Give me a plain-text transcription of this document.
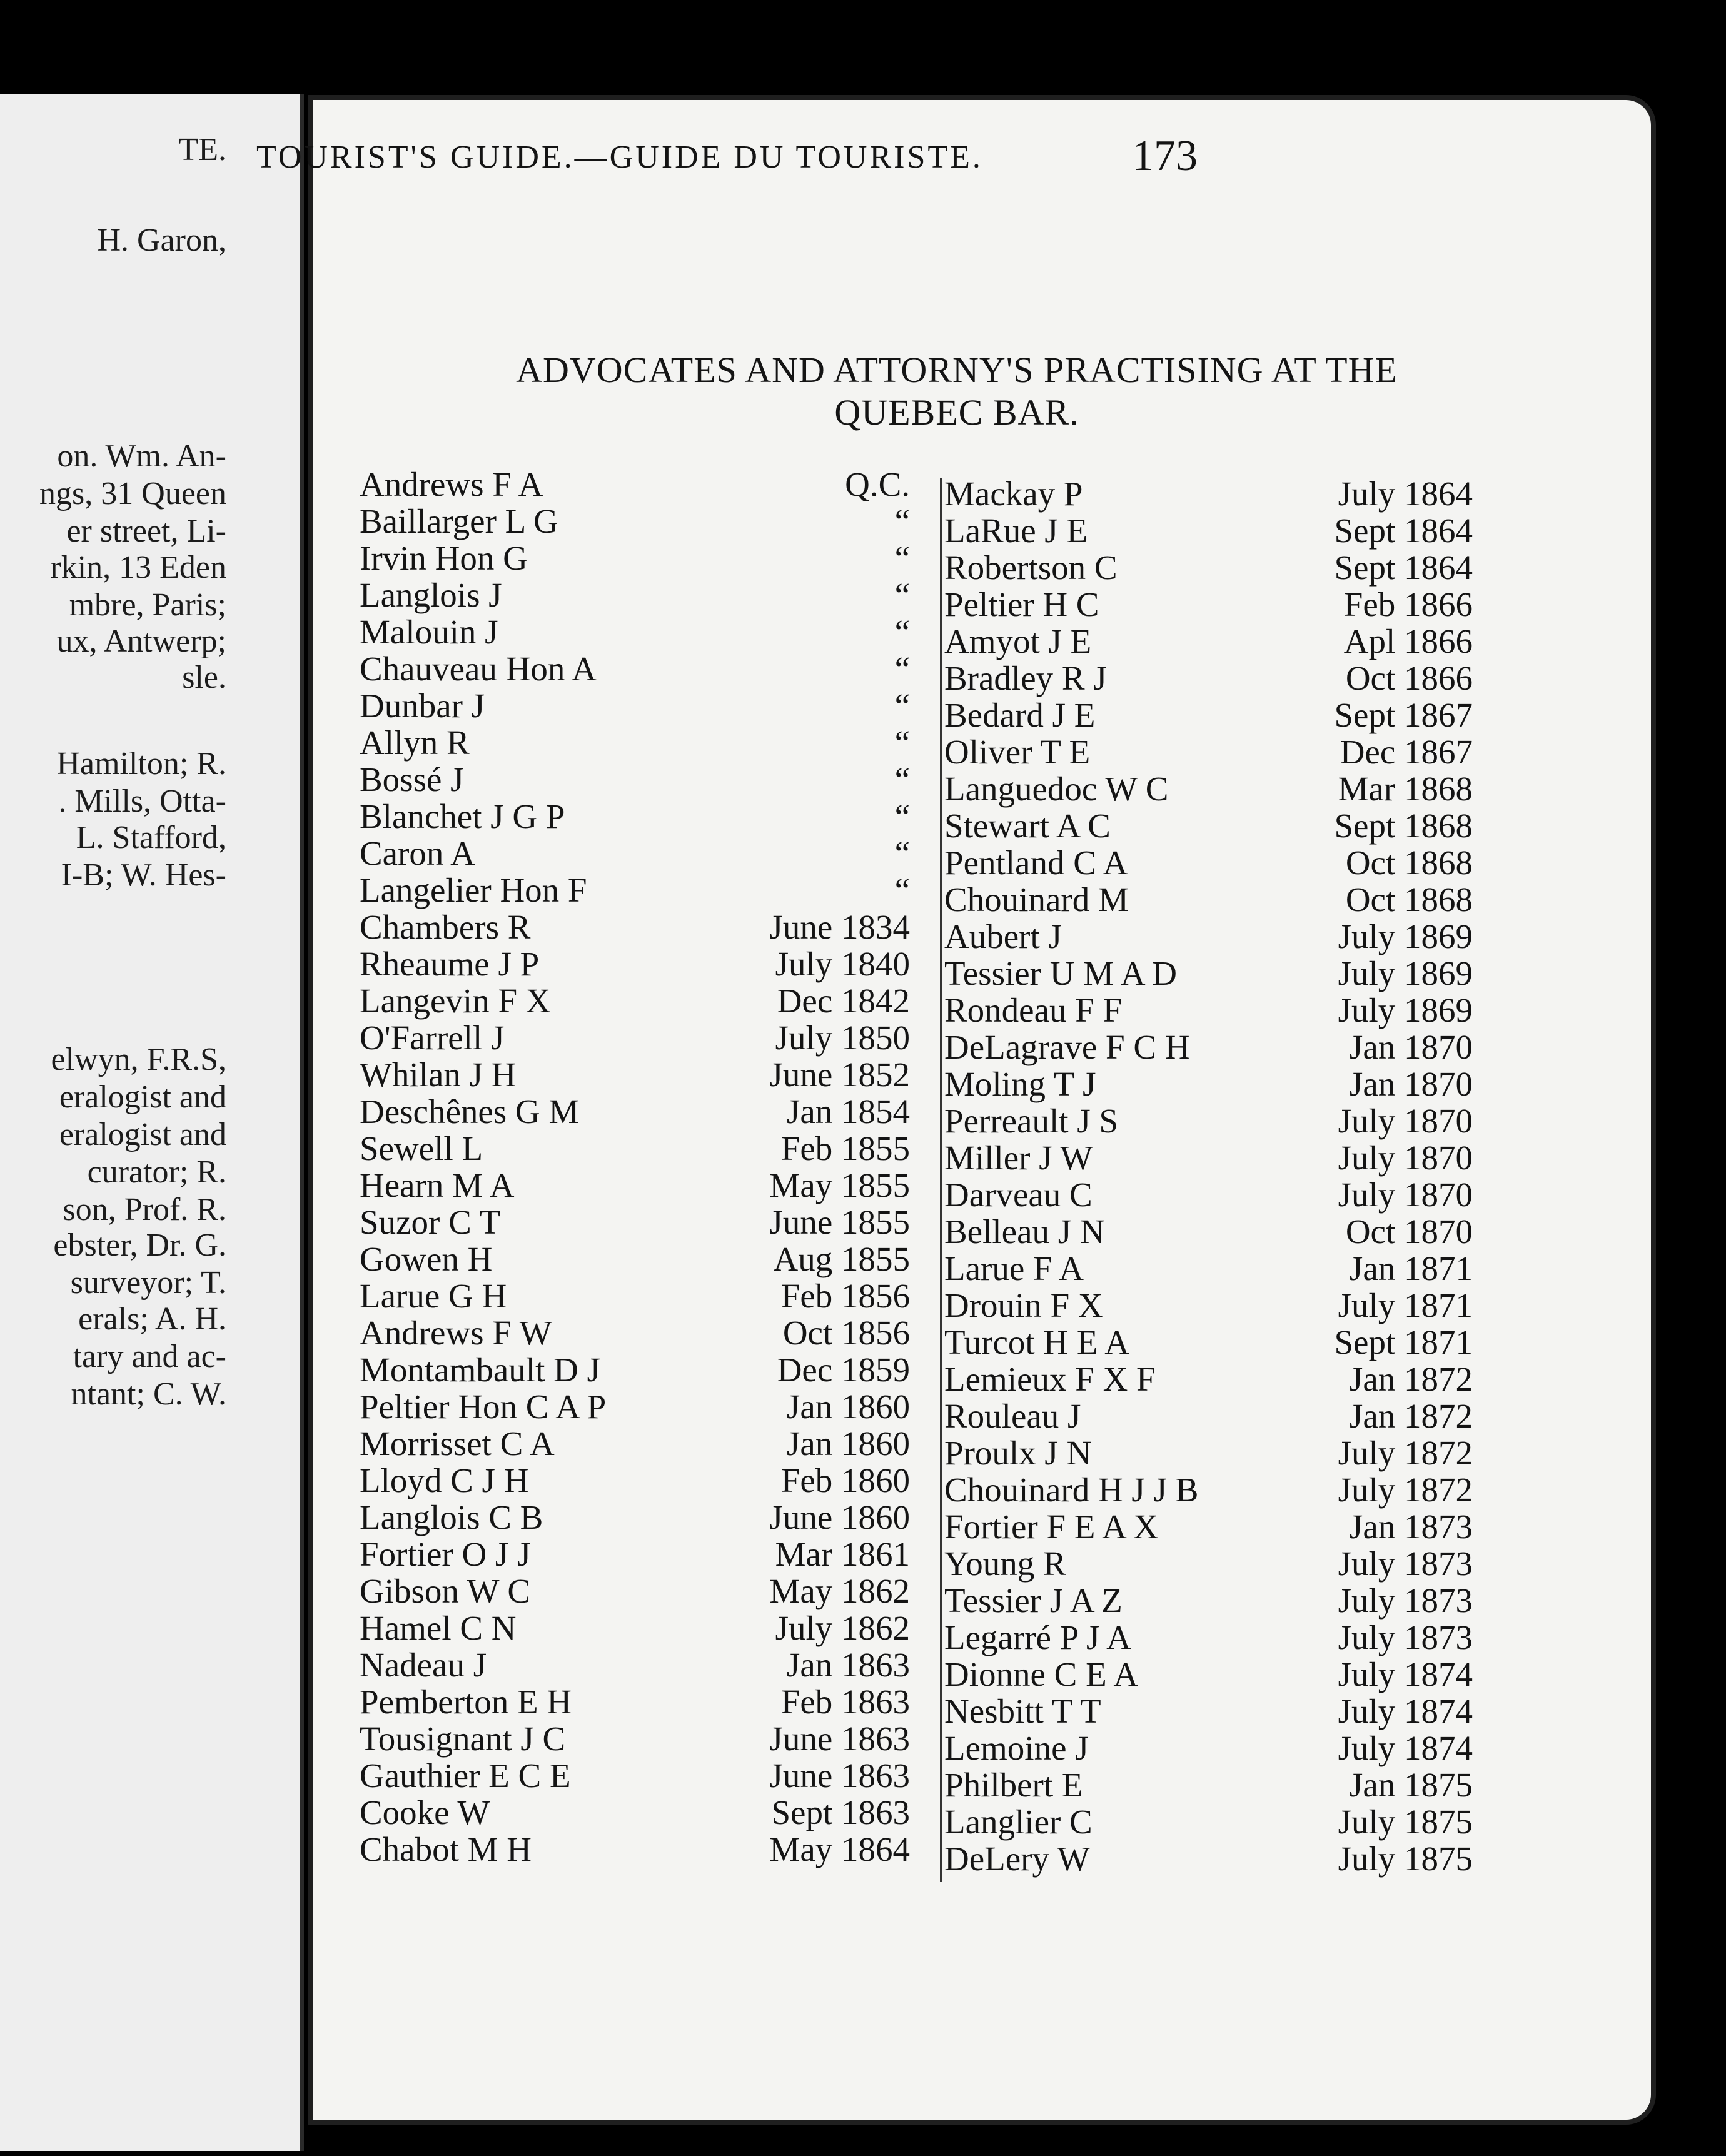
TE.
H. Garon,
on. Wm. An-
ngs, 31 Queen
er street, Li-
rkin, 13 Eden
mbre, Paris;
ux, Antwerp;
sle.
Hamilton; R.
. Mills, Otta-
L. Stafford,
I-B; W. Hes-
elwyn, F.R.S,
eralogist and
eralogist and
curator; R.
son, Prof. R.
ebster, Dr. G.
surveyor; T.
erals; A. H.
tary and ac-
ntant; C. W.
TOURIST'S GUIDE.—GUIDE DU TOURISTE.	173
ADVOCATES AND ATTORNY'S PRACTISING AT THE
QUEBEC BAR.
Andrews F A	Q.C.
Baillarger L G	“
Irvin Hon G	“
Langlois J	“
Malouin J	“
Chauveau Hon A	“
Dunbar J	“
Allyn R	“
Bossé J	“
Blanchet J G P	“
Caron A	“
Langelier Hon F	“
Chambers R	June 1834
Rheaume J P	July 1840
Langevin F X	Dec 1842
O'Farrell J	July 1850
Whilan J H	June 1852
Deschênes G M	Jan 1854
Sewell L	Feb 1855
Hearn M A	May 1855
Suzor C T	June 1855
Gowen H	Aug 1855
Larue G H	Feb 1856
Andrews F W	Oct 1856
Montambault D J	Dec 1859
Peltier Hon C A P	Jan 1860
Morrisset C A	Jan 1860
Lloyd C J H	Feb 1860
Langlois C B	June 1860
Fortier O J J	Mar 1861
Gibson W C	May 1862
Hamel C N	July 1862
Nadeau J	Jan 1863
Pemberton E H	Feb 1863
Tousignant J C	June 1863
Gauthier E C E	June 1863
Cooke W	Sept 1863
Chabot M H	May 1864
Mackay P	July 1864
LaRue J E	Sept 1864
Robertson C	Sept 1864
Peltier H C	Feb 1866
Amyot J E	Apl 1866
Bradley R J	Oct 1866
Bedard J E	Sept 1867
Oliver T E	Dec 1867
Languedoc W C	Mar 1868
Stewart A C	Sept 1868
Pentland C A	Oct 1868
Chouinard M	Oct 1868
Aubert J	July 1869
Tessier U M A D	July 1869
Rondeau F F	July 1869
DeLagrave F C H	Jan 1870
Moling T J	Jan 1870
Perreault J S	July 1870
Miller J W	July 1870
Darveau C	July 1870
Belleau J N	Oct 1870
Larue F A	Jan 1871
Drouin F X	July 1871
Turcot H E A	Sept 1871
Lemieux F X F	Jan 1872
Rouleau J	Jan 1872
Proulx J N	July 1872
Chouinard H J J B	July 1872
Fortier F E A X	Jan 1873
Young R	July 1873
Tessier J A Z	July 1873
Legarré P J A	July 1873
Dionne C E A	July 1874
Nesbitt T T	July 1874
Lemoine J	July 1874
Philbert E	Jan 1875
Langlier C	July 1875
DeLery W	July 1875
